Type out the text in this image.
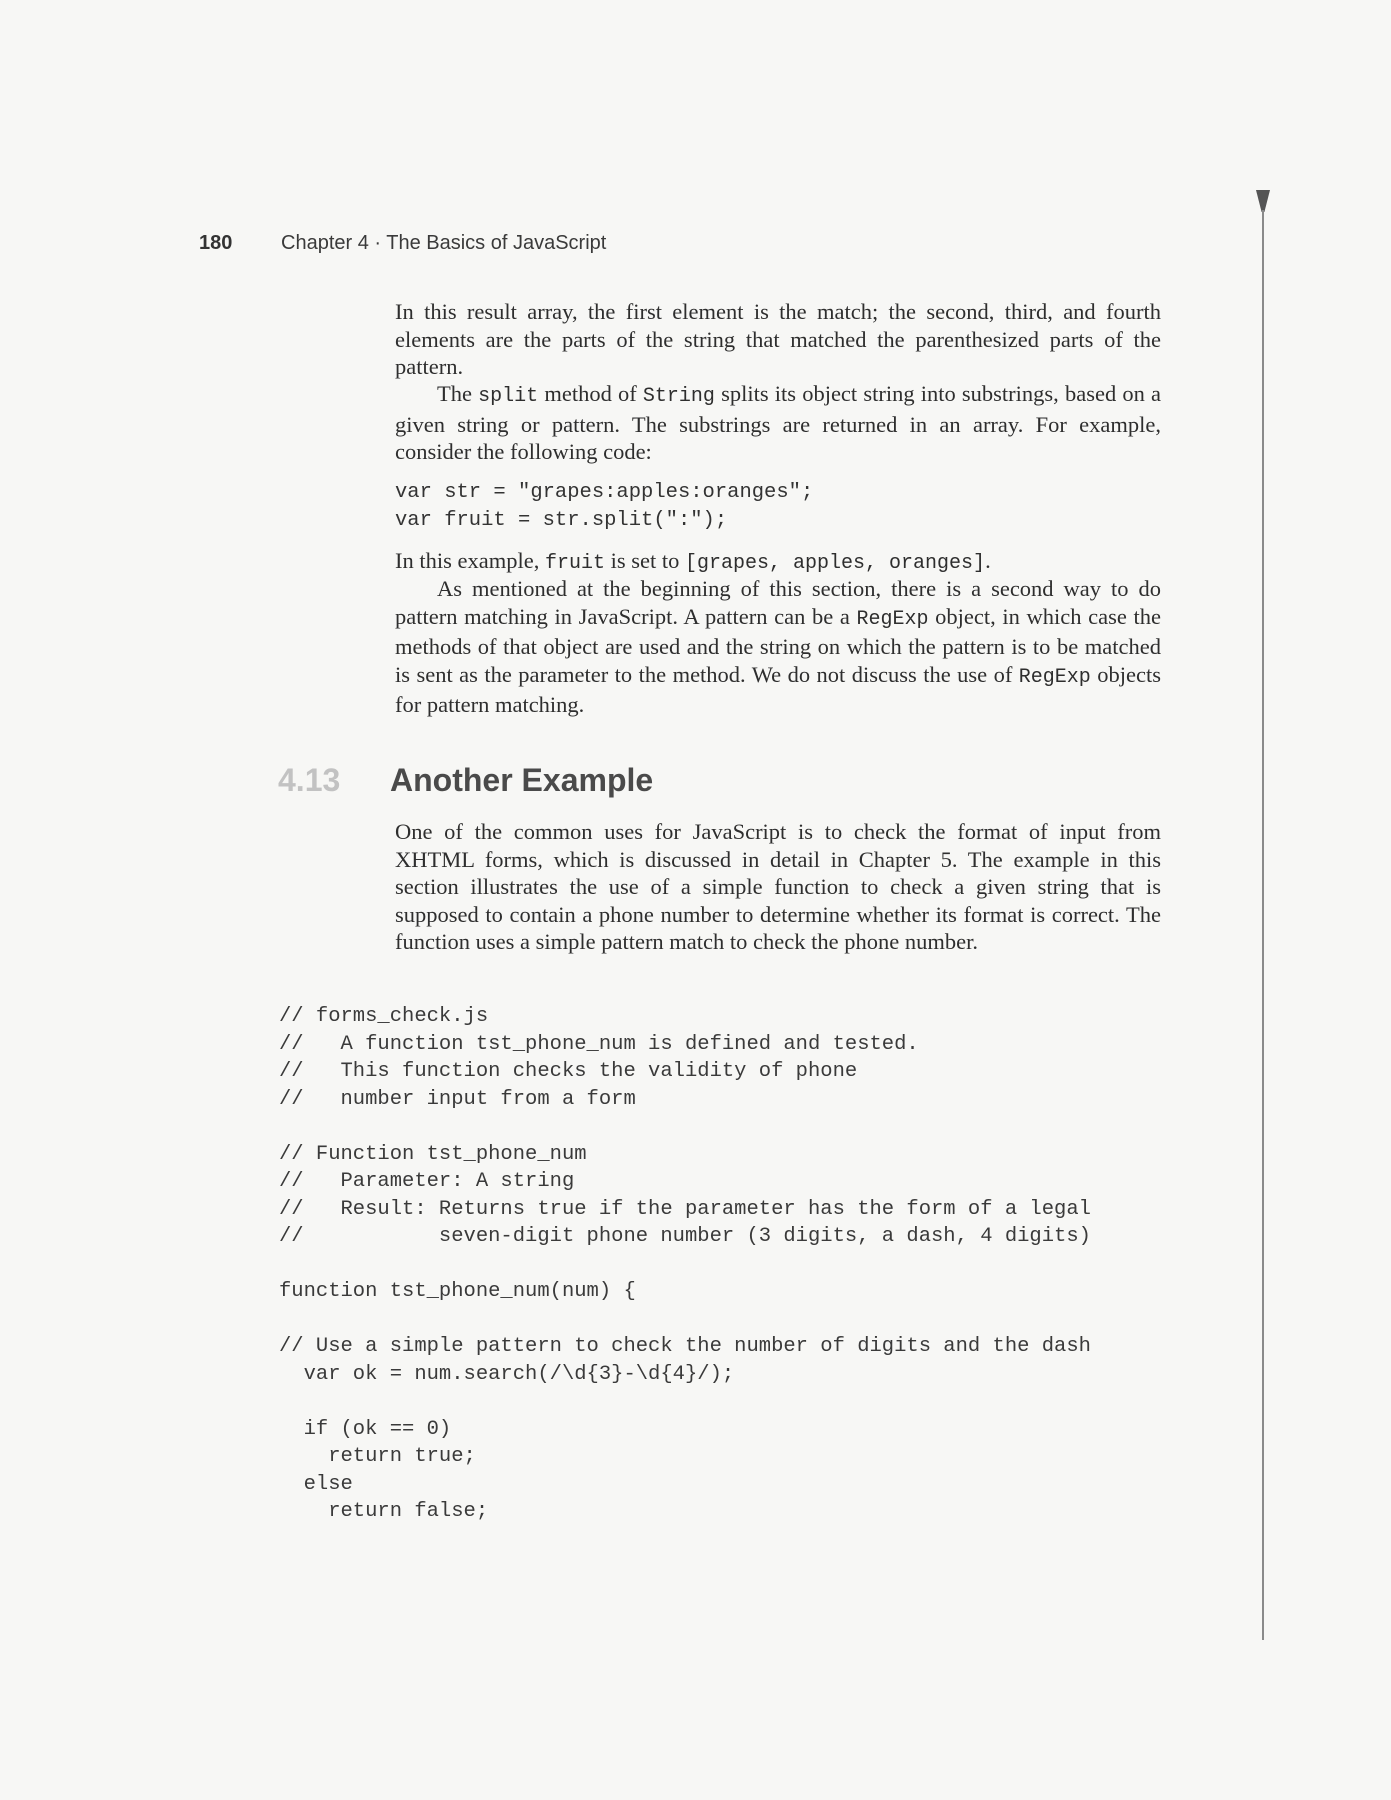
180 Chapter 4 · The Basics of JavaScript

In this result array, the first element is the match; the second, third, and fourth elements are the parts of the string that matched the parenthesized parts of the pattern.

The split method of String splits its object string into substrings, based on a given string or pattern. The substrings are returned in an array. For example, consider the following code:

var str = "grapes:apples:oranges";
var fruit = str.split(":");

In this example, fruit is set to [grapes, apples, oranges].

As mentioned at the beginning of this section, there is a second way to do pattern matching in JavaScript. A pattern can be a RegExp object, in which case the methods of that object are used and the string on which the pattern is to be matched is sent as the parameter to the method. We do not discuss the use of RegExp objects for pattern matching.

4.13 Another Example

One of the common uses for JavaScript is to check the format of input from XHTML forms, which is discussed in detail in Chapter 5. The example in this section illustrates the use of a simple function to check a given string that is supposed to contain a phone number to determine whether its format is correct. The function uses a simple pattern match to check the phone number.

// forms_check.js
//   A function tst_phone_num is defined and tested.
//   This function checks the validity of phone
//   number input from a form

// Function tst_phone_num
//   Parameter: A string
//   Result: Returns true if the parameter has the form of a legal
//           seven-digit phone number (3 digits, a dash, 4 digits)

function tst_phone_num(num) {

// Use a simple pattern to check the number of digits and the dash
var ok = num.search(/\d{3}-\d{4}/);

if (ok == 0)
return true;
else
return false;
